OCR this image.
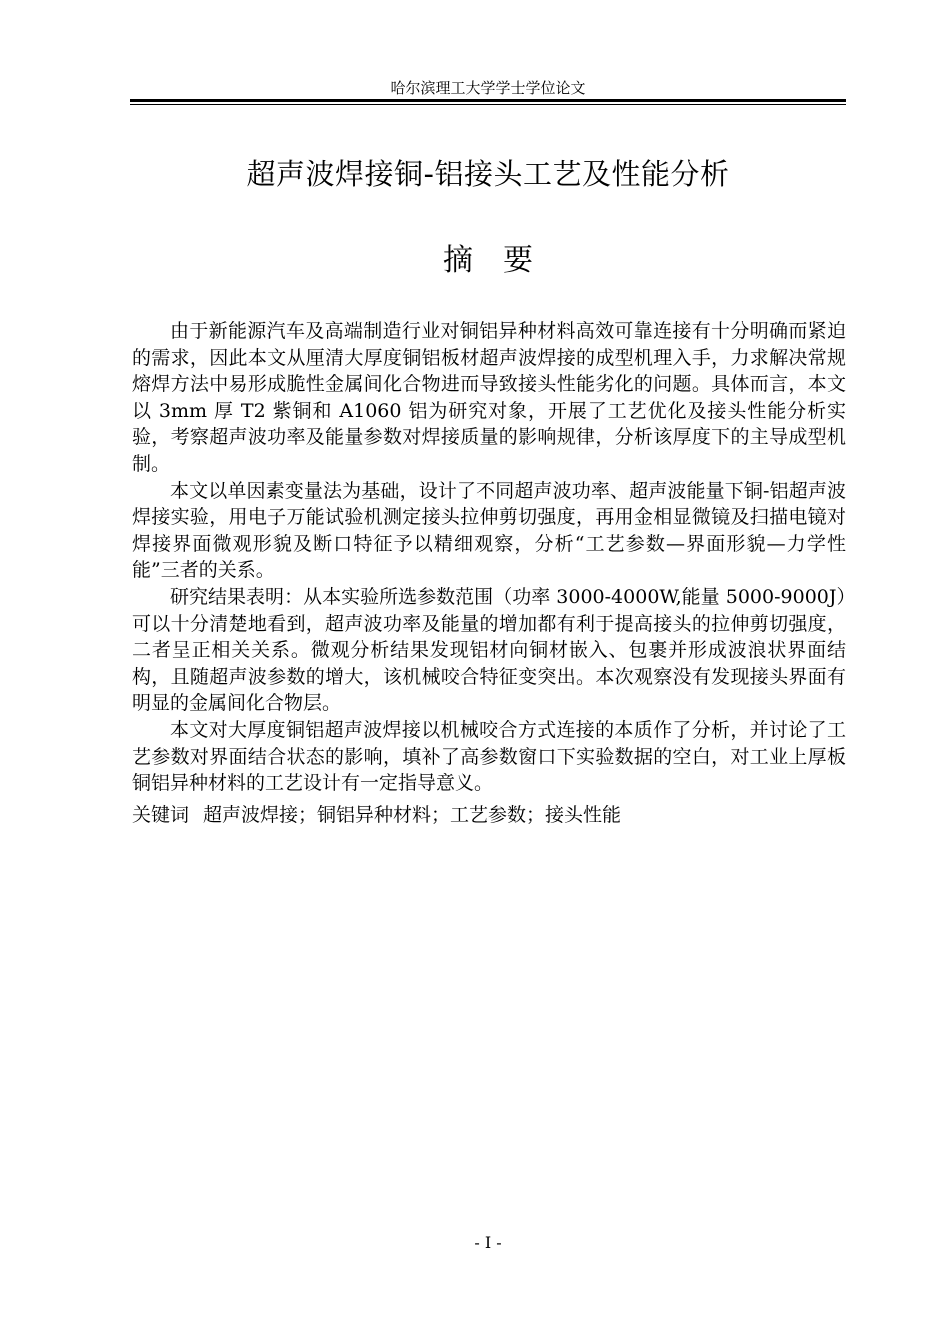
哈尔滨理工大学学士学位论文
超声波焊接铜-铝接头工艺及性能分析
摘要

由于新能源汽车及高端制造行业对铜铝异种材料高效可靠连接有十分明确而紧迫的需求，因此本文从厘清大厚度铜铝板材超声波焊接的成型机理入手，力求解决常规熔焊方法中易形成脆性金属间化合物进而导致接头性能劣化的问题。具体而言，本文以 3mm 厚 T2 紫铜和 A1060 铝为研究对象，开展了工艺优化及接头性能分析实验，考察超声波功率及能量参数对焊接质量的影响规律，分析该厚度下的主导成型机制。

本文以单因素变量法为基础，设计了不同超声波功率、超声波能量下铜-铝超声波焊接实验，用电子万能试验机测定接头拉伸剪切强度，再用金相显微镜及扫描电镜对焊接界面微观形貌及断口特征予以精细观察，分析“工艺参数—界面形貌—力学性能”三者的关系。

研究结果表明：从本实验所选参数范围（功率 3000-4000W,能量 5000-9000J）可以十分清楚地看到，超声波功率及能量的增加都有利于提高接头的拉伸剪切强度，二者呈正相关关系。微观分析结果发现铝材向铜材嵌入、包裹并形成波浪状界面结构，且随超声波参数的增大，该机械咬合特征变突出。本次观察没有发现接头界面有明显的金属间化合物层。

本文对大厚度铜铝超声波焊接以机械咬合方式连接的本质作了分析，并讨论了工艺参数对界面结合状态的影响，填补了高参数窗口下实验数据的空白，对工业上厚板铜铝异种材料的工艺设计有一定指导意义。

关键词 超声波焊接；铜铝异种材料；工艺参数；接头性能
- I -
